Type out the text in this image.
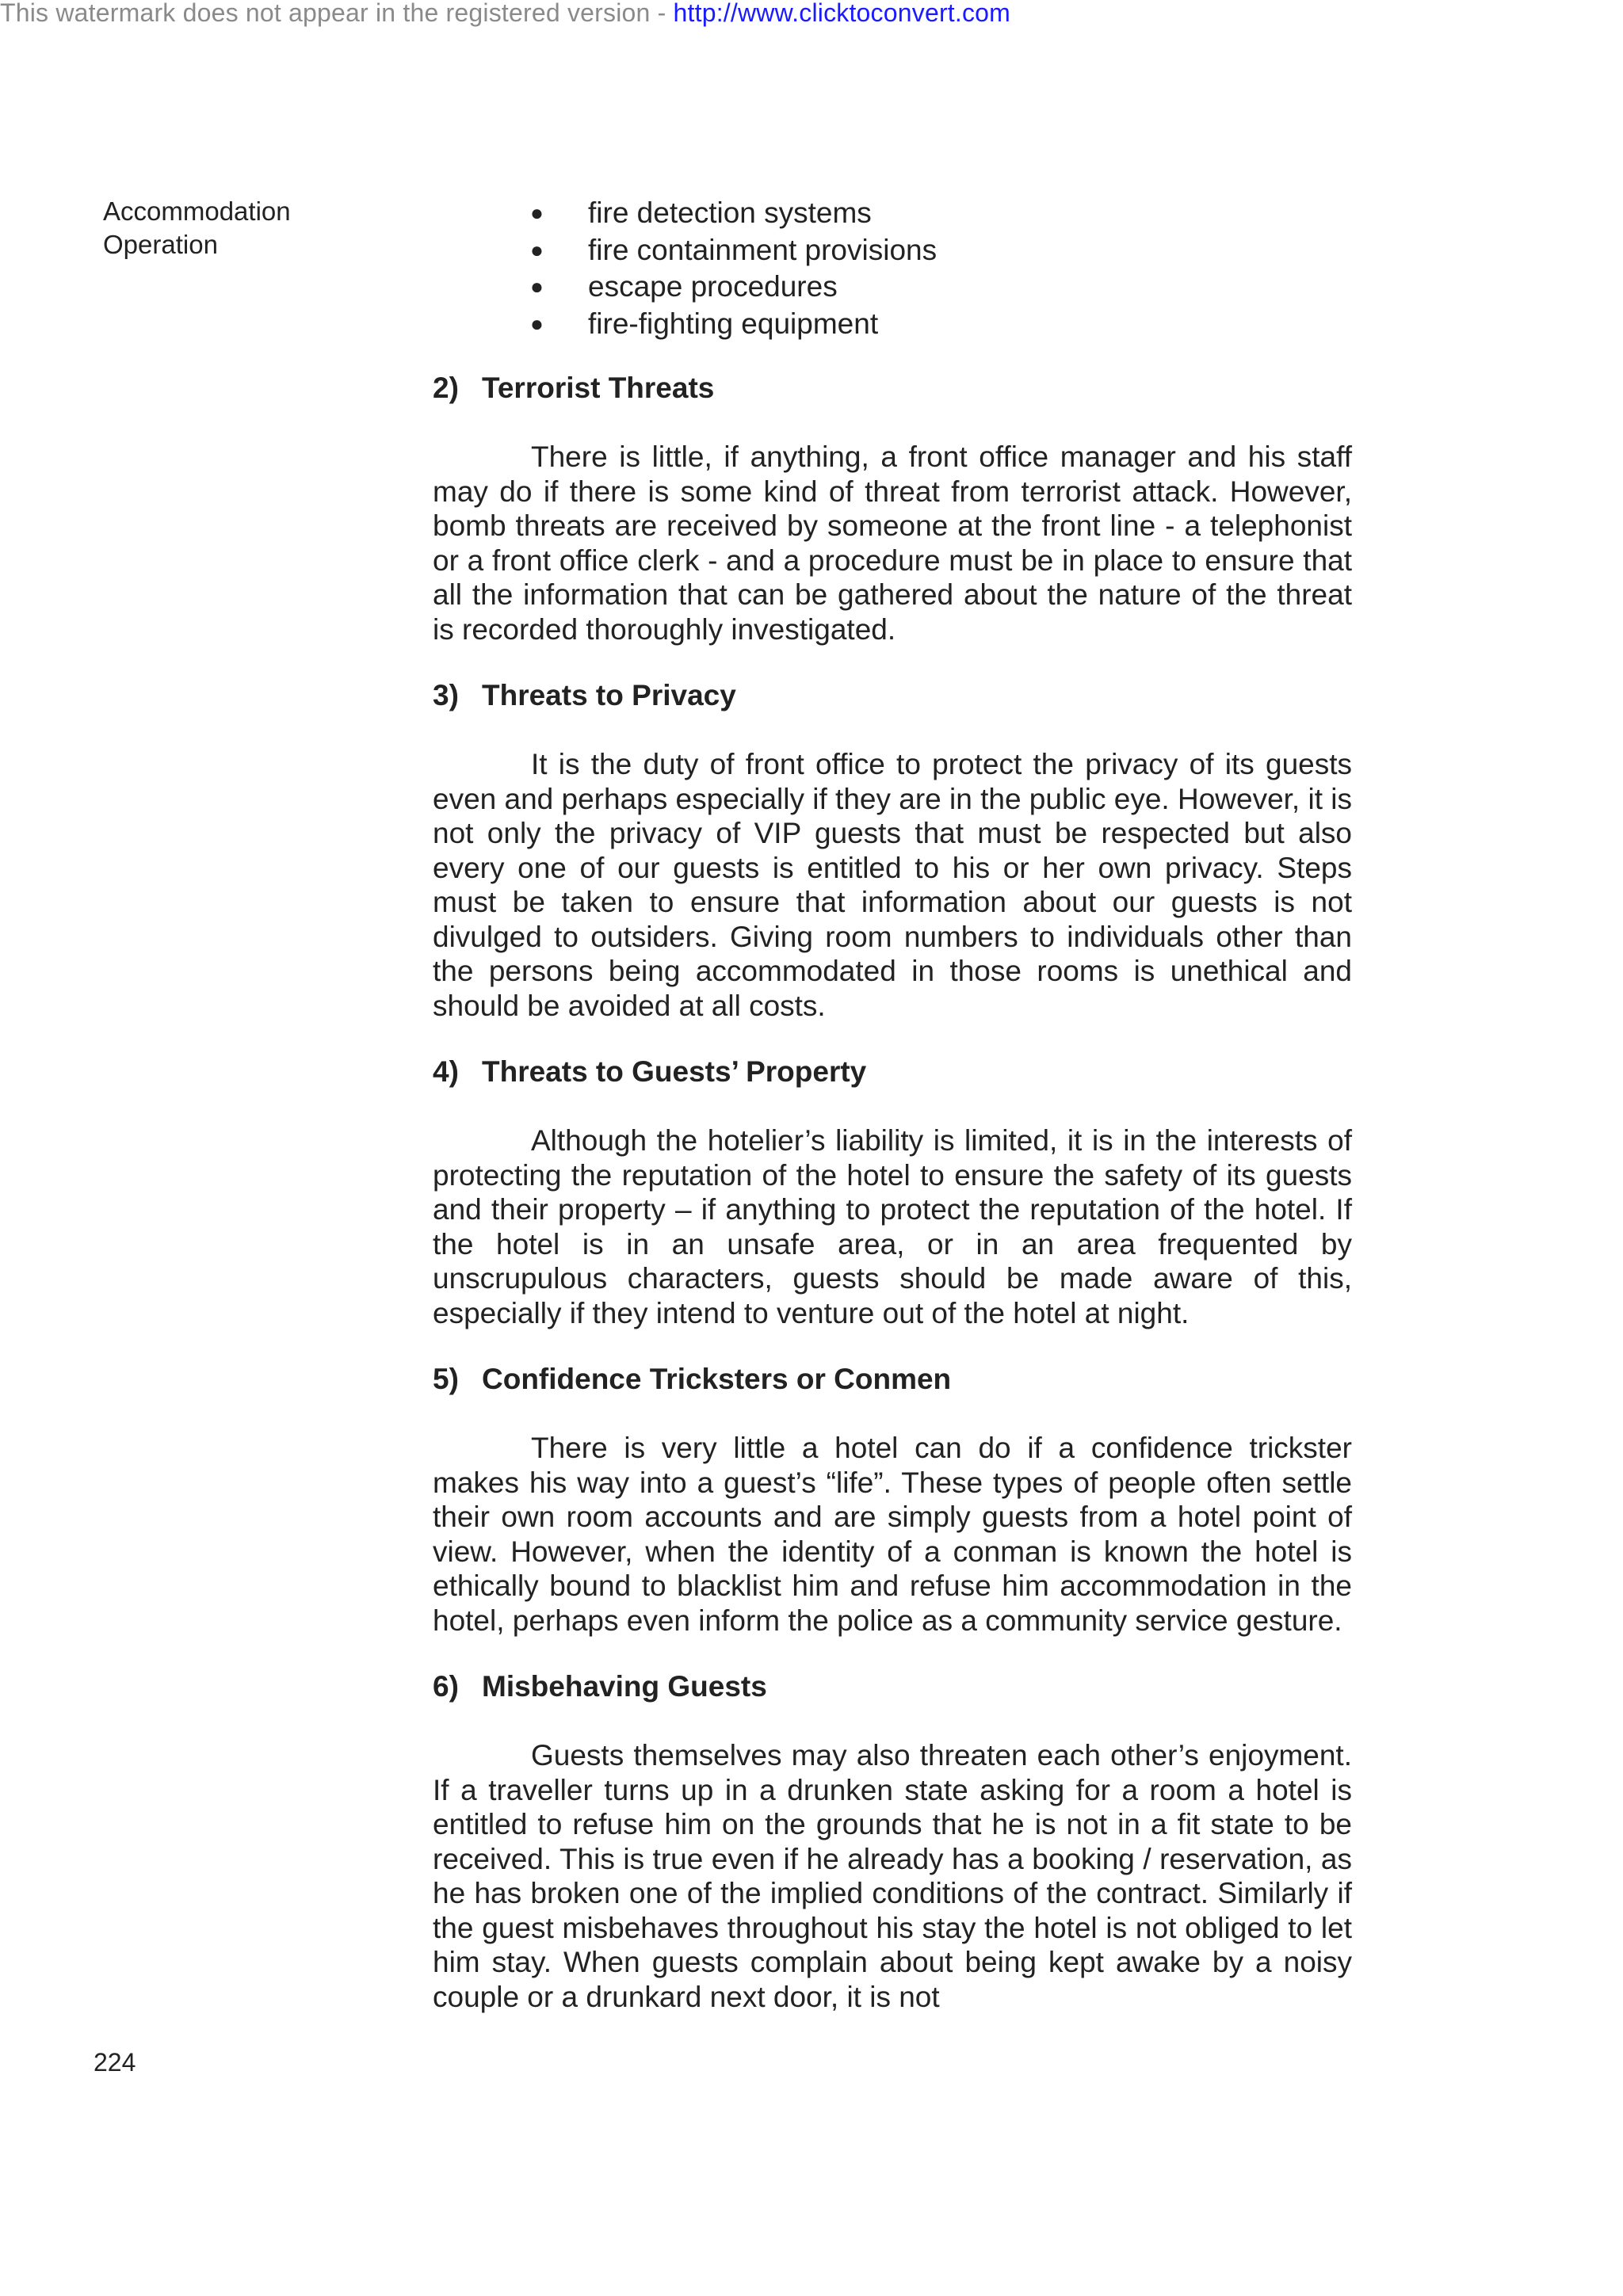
This watermark does not appear in the registered version - http://www.clicktoconvert.com
Accommodation
Operation
● fire detection systems
● fire containment provisions
● escape procedures
● fire-fighting equipment
2) Terrorist Threats

There is little, if anything, a front office manager and his staff may do if there is some kind of threat from terrorist attack. However, bomb threats are received by someone at the front line - a telephonist or a front office clerk - and a procedure must be in place to ensure that all the information that can be gathered about the nature of the threat is recorded thoroughly investigated.

3) Threats to Privacy

It is the duty of front office to protect the privacy of its guests even and perhaps especially if they are in the public eye. However, it is not only the privacy of VIP guests that must be respected but also every one of our guests is entitled to his or her own privacy. Steps must be taken to ensure that information about our guests is not divulged to outsiders. Giving room numbers to individuals other than the persons being accommodated in those rooms is unethical and should be avoided at all costs.

4) Threats to Guests’ Property

Although the hotelier’s liability is limited, it is in the interests of protecting the reputation of the hotel to ensure the safety of its guests and their property – if anything to protect the reputation of the hotel. If the hotel is in an unsafe area, or in an area frequented by unscrupulous characters, guests should be made aware of this, especially if they intend to venture out of the hotel at night.

5) Confidence Tricksters or Conmen

There is very little a hotel can do if a confidence trickster makes his way into a guest’s “life”. These types of people often settle their own room accounts and are simply guests from a hotel point of view. However, when the identity of a conman is known the hotel is ethically bound to blacklist him and refuse him accommodation in the hotel, perhaps even inform the police as a community service gesture.

6) Misbehaving Guests

Guests themselves may also threaten each other’s enjoyment. If a traveller turns up in a drunken state asking for a room a hotel is entitled to refuse him on the grounds that he is not in a fit state to be received. This is true even if he already has a booking / reservation, as he has broken one of the implied conditions of the contract. Similarly if the guest misbehaves throughout his stay the hotel is not obliged to let him stay. When guests complain about being kept awake by a noisy couple or a drunkard next door, it is not

224
